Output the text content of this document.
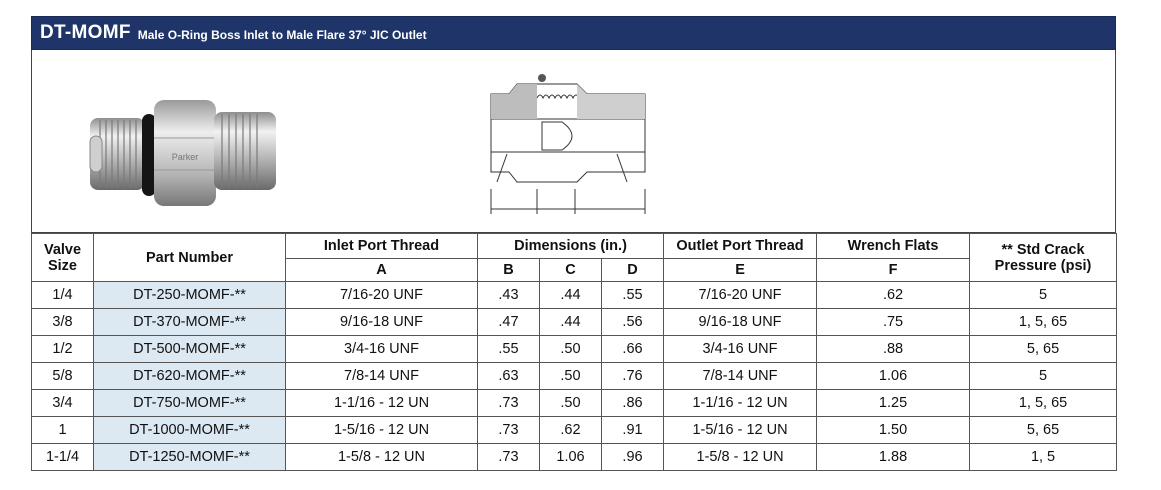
DT-MOMF Male O-Ring Boss Inlet to Male Flare 37° JIC Outlet
Parker
Valve Size	Part Number	Inlet Port Thread	Dimensions (in.)			Outlet Port Thread	Wrench Flats	** Std Crack Pressure (psi)
		A	B	C	D	E	F	
1/4	DT-250-MOMF-**	7/16-20 UNF	.43	.44	.55	7/16-20 UNF	.62	5
3/8	DT-370-MOMF-**	9/16-18 UNF	.47	.44	.56	9/16-18 UNF	.75	1, 5, 65
1/2	DT-500-MOMF-**	3/4-16 UNF	.55	.50	.66	3/4-16 UNF	.88	5, 65
5/8	DT-620-MOMF-**	7/8-14 UNF	.63	.50	.76	7/8-14 UNF	1.06	5
3/4	DT-750-MOMF-**	1-1/16 - 12 UN	.73	.50	.86	1-1/16 - 12 UN	1.25	1, 5, 65
1	DT-1000-MOMF-**	1-5/16 - 12 UN	.73	.62	.91	1-5/16 - 12 UN	1.50	5, 65
1-1/4	DT-1250-MOMF-**	1-5/8 - 12 UN	.73	1.06	.96	1-5/8 - 12 UN	1.88	1, 5
